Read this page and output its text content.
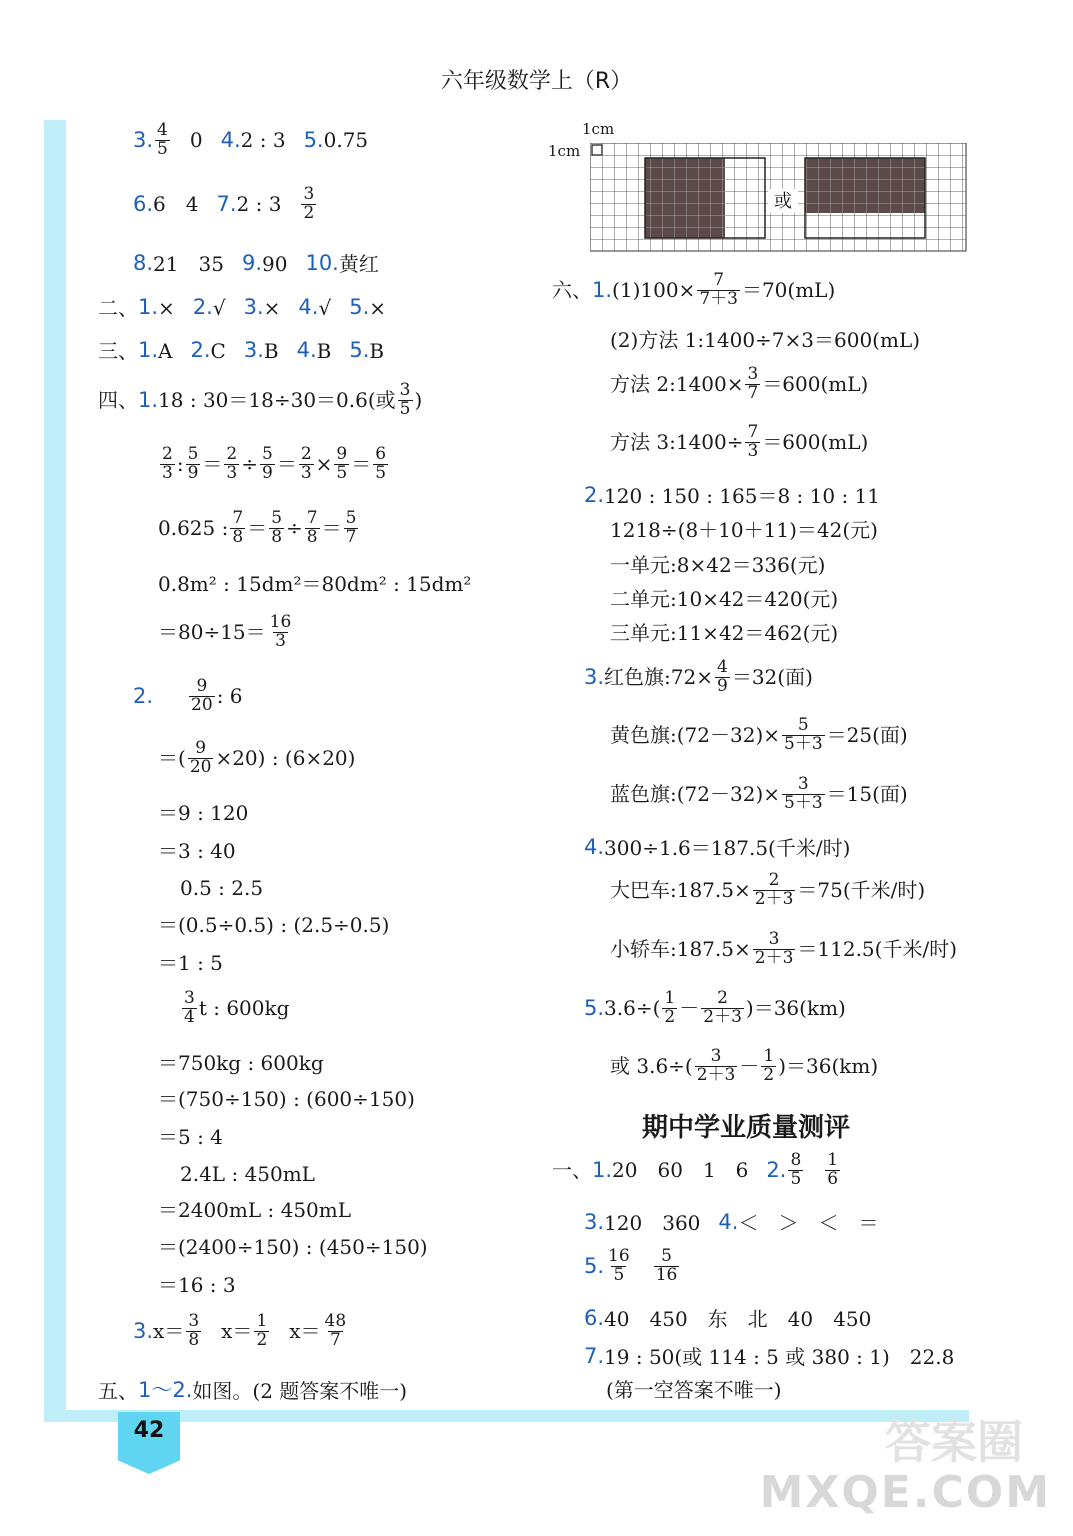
42
六年级数学上（R）
3. $\frac{4}{5} 0$ 4. 2 : 3 5. 0.75
6. 6　4 7. 2 : $3 \frac{3}{2}$
8. 21　35 9. 90 10. 黄红
二、 1. × 2. √ 3. × 4. √ 5. ×
三、 1. A 2. C 3. B 4. B 5. B
四、 1. 18 : 30＝18÷30＝0.6(或 $\frac{3}{5}$ )
$\frac{2}{3}$ : $\frac{5}{9} = \frac{2}{3} \div \frac{5}{9} = \frac{2}{3} \times \frac{9}{5} = \frac{6}{5}$
0.625 : $\frac{7}{8} = \frac{5}{8} \div \frac{7}{8} = \frac{5}{7}$
0.8m² : 15dm²＝80dm² : 15dm²
$=80\div 15= \frac{16}{3}$
2. $\frac{9}{20}$ : 6
＝( $\frac{9}{20} \times 20$) : (6×20)
＝9 : 120
＝3 : 40
0.5 : 2.5
＝(0.5÷0.5) : (2.5÷0.5)
＝1 : 5
$\frac{3}{4}$ t : 600kg
＝750kg : 600kg
＝(750÷150) : (600÷150)
＝5 : 4
2.4L : 450mL
＝2400mL : 450mL
＝(2400÷150) : (450÷150)
＝16 : 3
3. $x= \frac{3}{8} x= \frac{1}{2} x= \frac{48}{7}$
五、 1～2. 如图。(2 题答案不唯一)
1cm
1cm
或
六、 1. $(1)100\times \frac{7}{7+3} =70(mL)$
(2)方法 1:1400÷7×3＝600(mL)
方法 2:1400× $\frac{3}{7} =600(mL)$
方法 3:1400÷ $\frac{7}{3} =600(mL)$
2. 120 : 150 : 165＝8 : 10 : 11
1218÷(8＋10＋11)＝42(元)
一单元:8×42＝336(元)
二单元:10×42＝420(元)
三单元:11×42＝462(元)
3. 红色旗:72× $\frac{4}{9} =32$(面)
黄色旗:(72－32)× $\frac{5}{5+3} =25$(面)
蓝色旗:(72－32)× $\frac{3}{5+3} =15$(面)
4. 300÷1.6＝187.5(千米/时)
大巴车:187.5× $\frac{2}{2+3} =75$(千米/时)
小轿车:187.5× $\frac{3}{2+3} =112.5$(千米/时)
5. $3.6\div( \frac{1}{2} - \frac{2}{2+3} )=36(km)$
或 $3.6\div( \frac{3}{2+3} - \frac{1}{2} )=36(km)$
期中学业质量测评
一、 1. 20　60　1　6 2. $\frac{8}{5} \frac{1}{6}$
3. 120　360 4. ＜　＞　＜　＝
5. $\frac{16}{5} \frac{5}{16}$
6. 40　450　东　北　40　450
7. 19 : 50(或 114 : 5 或 380 : 1)　22.8
(第一空答案不唯一)
答案圈
MXQE.COM
